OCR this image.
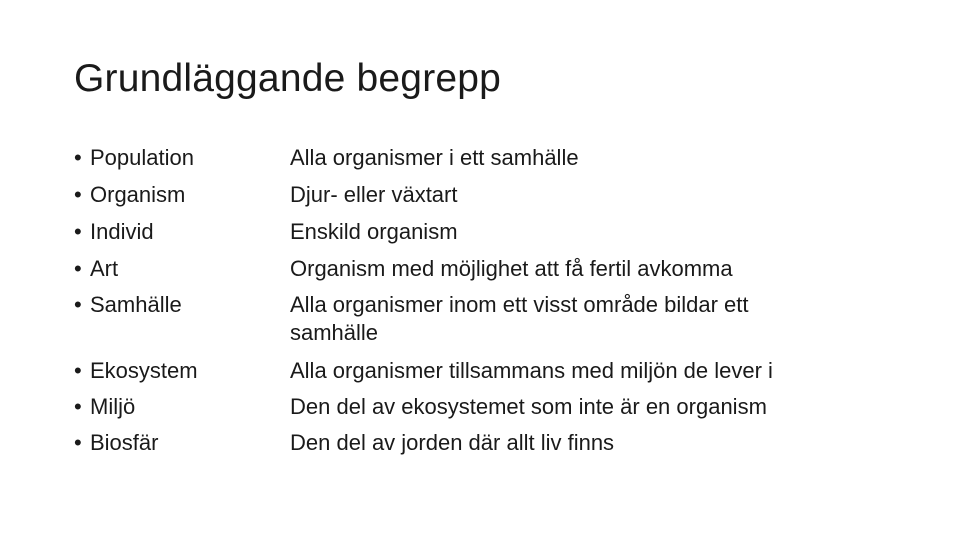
Grundläggande begrepp
• Population
• Organism
• Individ
• Art
• Samhälle
• Ekosystem
• Miljö
• Biosfär
Alla organismer i ett samhälle
Djur- eller växtart
Enskild organism
Organism med möjlighet att få fertil avkomma
Alla organismer inom ett visst område bildar ett
samhälle
Alla organismer tillsammans med miljön de lever i
Den del av ekosystemet som inte är en organism
Den del av jorden där allt liv finns
